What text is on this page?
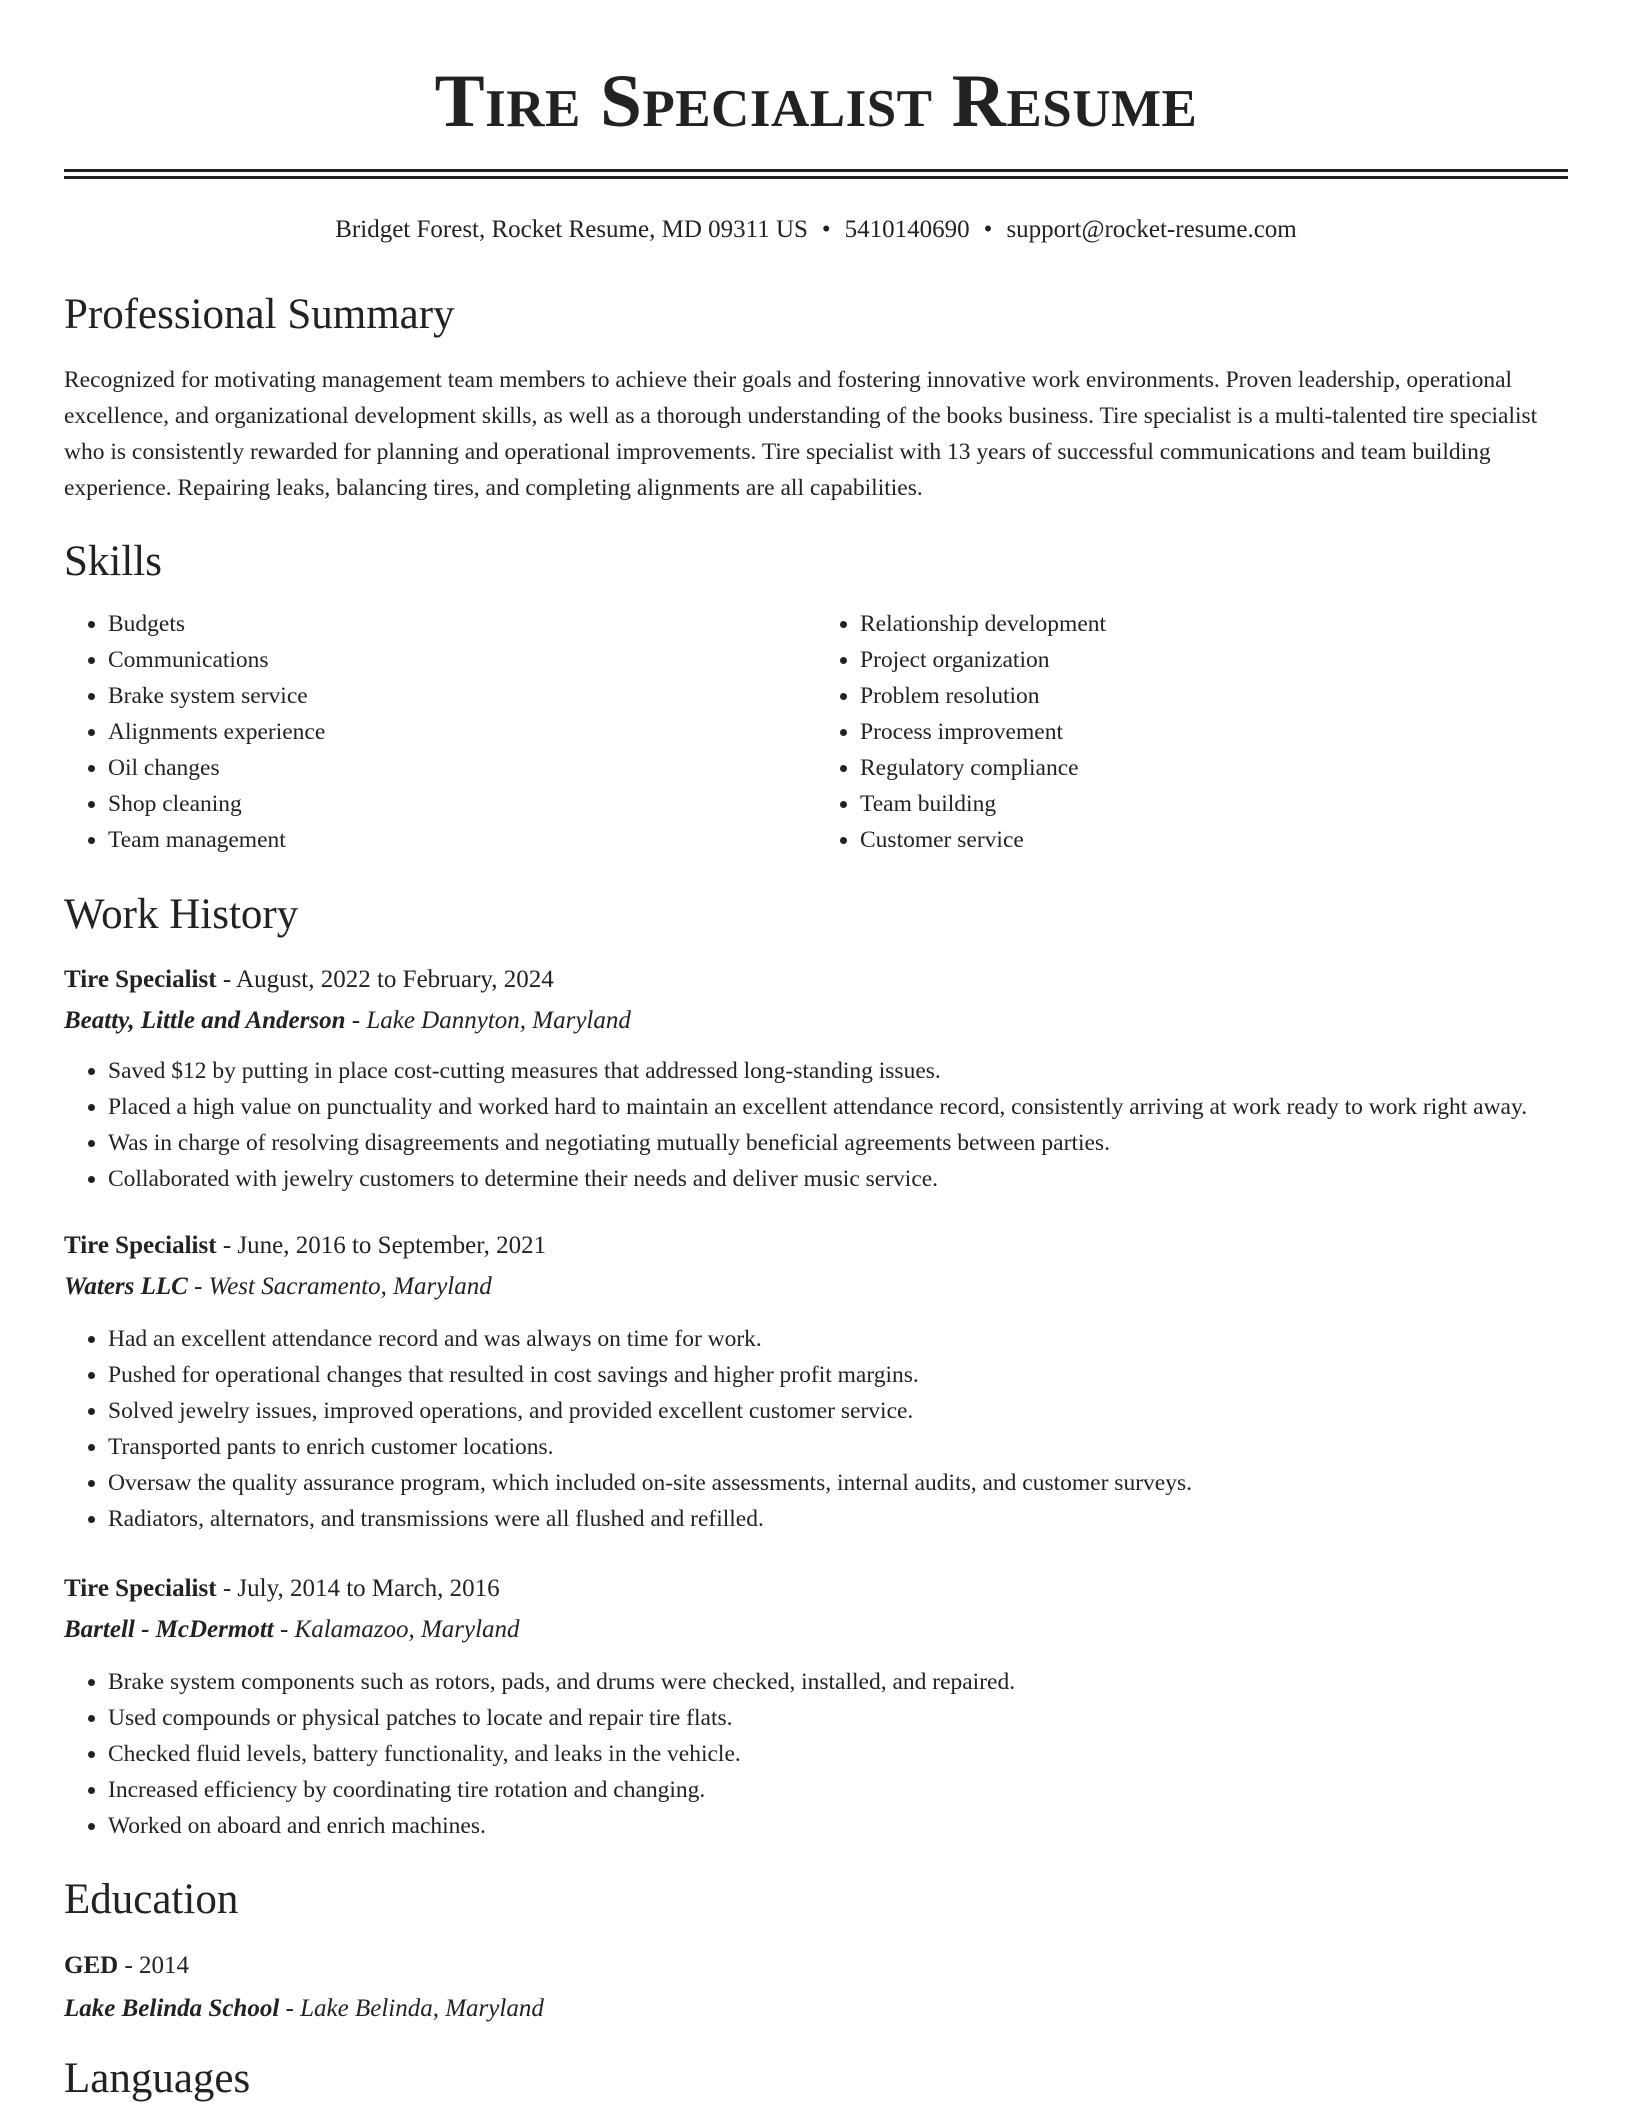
Tire Specialist Resume
Bridget Forest, Rocket Resume, MD 09311 US • 5410140690 • support@rocket-resume.com
Professional Summary
Recognized for motivating management team members to achieve their goals and fostering innovative work environments. Proven leadership, operational excellence, and organizational development skills, as well as a thorough understanding of the books business. Tire specialist is a multi-talented tire specialist who is consistently rewarded for planning and operational improvements. Tire specialist with 13 years of successful communications and team building experience. Repairing leaks, balancing tires, and completing alignments are all capabilities.
Skills
• Budgets
• Communications
• Brake system service
• Alignments experience
• Oil changes
• Shop cleaning
• Team management
• Relationship development
• Project organization
• Problem resolution
• Process improvement
• Regulatory compliance
• Team building
• Customer service
Work History
Tire Specialist - August, 2022 to February, 2024
Beatty, Little and Anderson - Lake Dannyton, Maryland
• Saved $12 by putting in place cost-cutting measures that addressed long-standing issues.
• Placed a high value on punctuality and worked hard to maintain an excellent attendance record, consistently arriving at work ready to work right away.
• Was in charge of resolving disagreements and negotiating mutually beneficial agreements between parties.
• Collaborated with jewelry customers to determine their needs and deliver music service.
Tire Specialist - June, 2016 to September, 2021
Waters LLC - West Sacramento, Maryland
• Had an excellent attendance record and was always on time for work.
• Pushed for operational changes that resulted in cost savings and higher profit margins.
• Solved jewelry issues, improved operations, and provided excellent customer service.
• Transported pants to enrich customer locations.
• Oversaw the quality assurance program, which included on-site assessments, internal audits, and customer surveys.
• Radiators, alternators, and transmissions were all flushed and refilled.
Tire Specialist - July, 2014 to March, 2016
Bartell - McDermott - Kalamazoo, Maryland
• Brake system components such as rotors, pads, and drums were checked, installed, and repaired.
• Used compounds or physical patches to locate and repair tire flats.
• Checked fluid levels, battery functionality, and leaks in the vehicle.
• Increased efficiency by coordinating tire rotation and changing.
• Worked on aboard and enrich machines.
Education
GED - 2014
Lake Belinda School - Lake Belinda, Maryland
Languages
